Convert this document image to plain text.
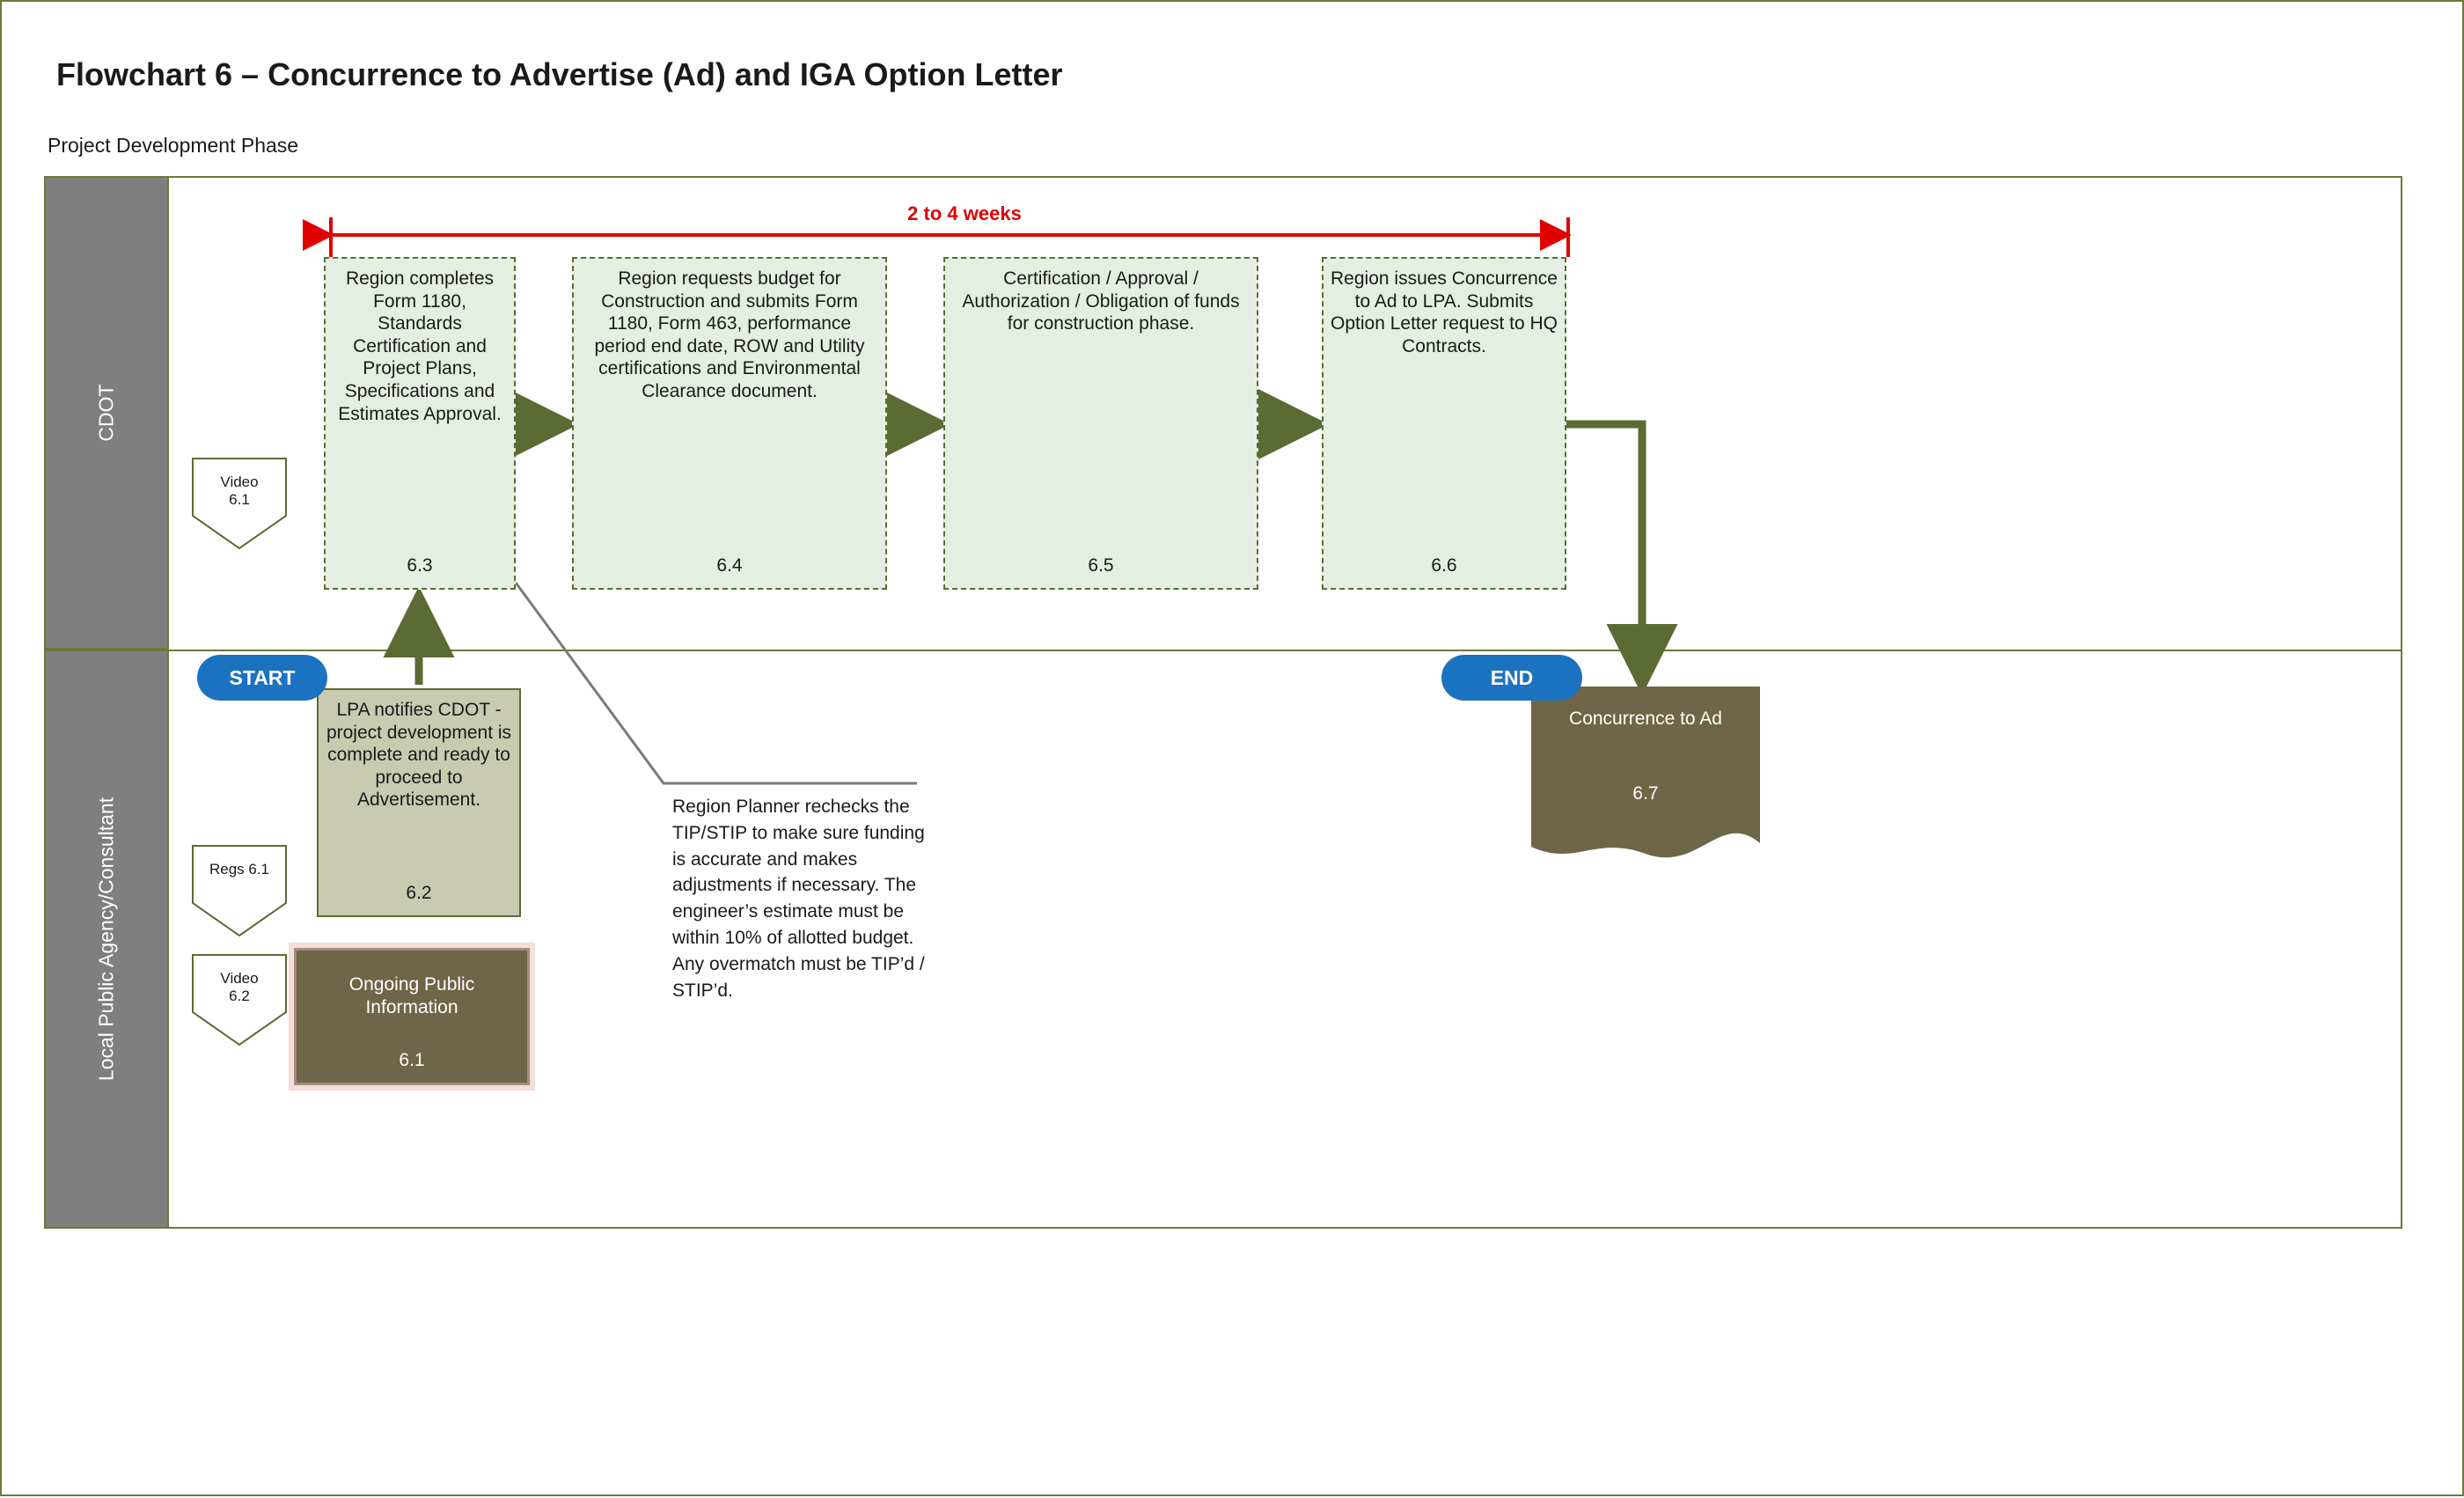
Flowchart 6 – Concurrence to Advertise (Ad) and IGA Option Letter
Project Development Phase
CDOT
Local Public Agency/Consultant
2 to 4 weeks
Region completes Form 1180, Standards Certification and Project Plans, Specifications and Estimates Approval.
6.3
Region requests budget for Construction and submits Form 1180, Form 463, performance period end date, ROW and Utility certifications and Environmental Clearance document.
6.4
Certification / Approval / Authorization / Obligation of funds for construction phase.
6.5
Region issues Concurrence to Ad to LPA. Submits Option Letter request to HQ Contracts.
6.6
LPA notifies CDOT - project development is complete and ready to proceed to Advertisement.
6.2
Ongoing Public Information
6.1
Concurrence to Ad
6.7
Video
6.1
Regs 6.1
Video
6.2
START	END
Region Planner rechecks the TIP/STIP to make sure funding is accurate and makes adjustments if necessary. The engineer’s estimate must be within 10% of allotted budget. Any overmatch must be TIP’d / STIP’d.
